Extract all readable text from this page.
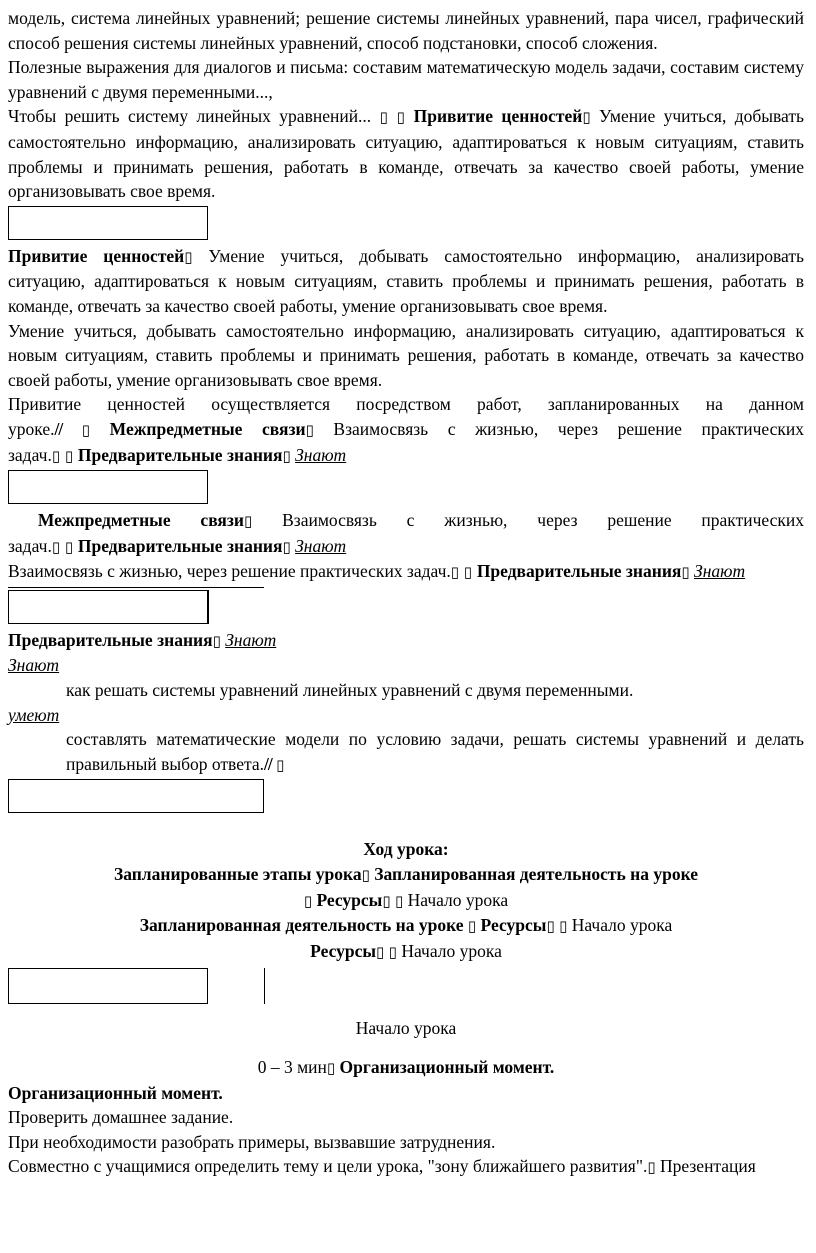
модель, система линейных уравнений; решение системы линейных уравнений, пара чисел, графический способ решения системы линейных уравнений, способ подстановки, способ сложения.

Полезные выражения для диалогов и письма: составим математическую модель задачи, составим систему уравнений с двумя переменными...,

Чтобы решить систему линейных уравнений... ▯ ▯ Привитие ценностей▯ Умение учиться, добывать самостоятельно информацию, анализировать ситуацию, адаптироваться к новым ситуациям, ставить проблемы и принимать решения, работать в команде, отвечать за качество своей работы, умение организовывать свое время.

Привитие ценностей▯ Умение учиться, добывать самостоятельно информацию, анализировать ситуацию, адаптироваться к новым ситуациям, ставить проблемы и принимать решения, работать в команде, отвечать за качество своей работы, умение организовывать свое время.

Умение учиться, добывать самостоятельно информацию, анализировать ситуацию, адаптироваться к новым ситуациям, ставить проблемы и принимать решения, работать в команде, отвечать за качество своей работы, умение организовывать свое время.

Привитие ценностей осуществляется посредством работ, запланированных на данном уроке.// ▯ Межпредметные связи▯ Взаимосвязь с жизнью, через решение практических задач.▯ ▯ Предварительные знания▯ Знают

Межпредметные связи▯ Взаимосвязь с жизнью, через решение практических задач.▯ ▯ Предварительные знания▯ Знают

Взаимосвязь с жизнью, через решение практических задач.▯ ▯ Предварительные знания▯ Знают

Предварительные знания▯ Знают

Знают

как решать системы уравнений линейных уравнений с двумя переменными.

умеют

составлять математические модели по условию задачи, решать системы уравнений и делать правильный выбор ответа.// ▯

Ход урока:

Запланированные этапы урока▯ Запланированная деятельность на уроке

▯ Ресурсы▯ ▯ Начало урока

Запланированная деятельность на уроке ▯ Ресурсы▯ ▯ Начало урока

Ресурсы▯ ▯ Начало урока

Начало урока

0 – 3 мин▯ Организационный момент.

Организационный момент.

Проверить домашнее задание.

При необходимости разобрать примеры, вызвавшие затруднения.

Совместно с учащимися определить тему и цели урока, "зону ближайшего развития".▯ Презентация
